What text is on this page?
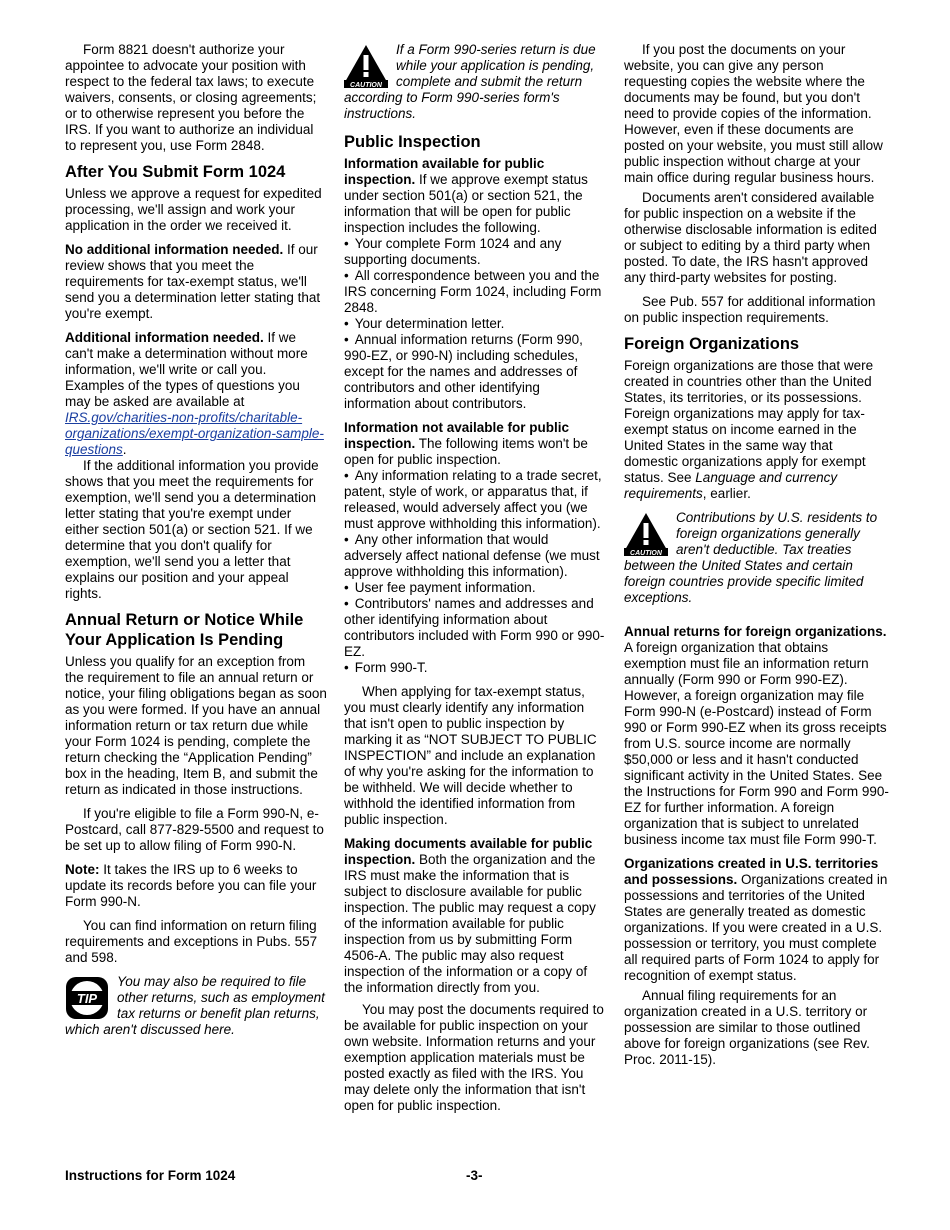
Form 8821 doesn't authorize your appointee to advocate your position with respect to the federal tax laws; to execute waivers, consents, or closing agreements; or to otherwise represent you before the IRS. If you want to authorize an individual to represent you, use Form 2848.

After You Submit Form 1024

Unless we approve a request for expedited processing, we'll assign and work your application in the order we received it.

No additional information needed. If our review shows that you meet the requirements for tax-exempt status, we'll send you a determination letter stating that you're exempt.

Additional information needed. If we can't make a determination without more information, we'll write or call you. Examples of the types of questions you may be asked are available at IRS.gov/charities-non-profits/charitable-organizations/exempt-organization-sample-questions.

If the additional information you provide shows that you meet the requirements for exemption, we'll send you a determination letter stating that you're exempt under either section 501(a) or section 521. If we determine that you don't qualify for exemption, we'll send you a letter that explains our position and your appeal rights.

Annual Return or Notice While Your Application Is Pending

Unless you qualify for an exception from the requirement to file an annual return or notice, your filing obligations began as soon as you were formed. If you have an annual information return or tax return due while your Form 1024 is pending, complete the return checking the “Application Pending” box in the heading, Item B, and submit the return as indicated in those instructions.

If you're eligible to file a Form 990-N, e-Postcard, call 877-829-5500 and request to be set up to allow filing of Form 990-N.

Note: It takes the IRS up to 6 weeks to update its records before you can file your Form 990-N.

You can find information on return filing requirements and exceptions in Pubs. 557 and 598.

TIP
You may also be required to file other returns, such as employment tax returns or benefit plan returns, which aren't discussed here.
CAUTION
If a Form 990-series return is due while your application is pending, complete and submit the return according to Form 990-series form's instructions.
Public Inspection

Information available for public inspection. If we approve exempt status under section 501(a) or section 521, the information that will be open for public inspection includes the following.

• Your complete Form 1024 and any supporting documents.
• All correspondence between you and the IRS concerning Form 1024, including Form 2848.
• Your determination letter.
• Annual information returns (Form 990, 990-EZ, or 990-N) including schedules, except for the names and addresses of contributors and other identifying information about contributors.

Information not available for public inspection. The following items won't be open for public inspection.

• Any information relating to a trade secret, patent, style of work, or apparatus that, if released, would adversely affect you (we must approve withholding this information).
• Any other information that would adversely affect national defense (we must approve withholding this information).
• User fee payment information.
• Contributors' names and addresses and other identifying information about contributors included with Form 990 or 990-EZ.
• Form 990-T.

When applying for tax-exempt status, you must clearly identify any information that isn't open to public inspection by marking it as “NOT SUBJECT TO PUBLIC INSPECTION” and include an explanation of why you're asking for the information to be withheld. We will decide whether to withhold the identified information from public inspection.

Making documents available for public inspection. Both the organization and the IRS must make the information that is subject to disclosure available for public inspection. The public may request a copy of the information available for public inspection from us by submitting Form 4506-A. The public may also request inspection of the information or a copy of the information directly from you.

You may post the documents required to be available for public inspection on your own website. Information returns and your exemption application materials must be posted exactly as filed with the IRS. You may delete only the information that isn't open for public inspection.

If you post the documents on your website, you can give any person requesting copies the website where the documents may be found, but you don't need to provide copies of the information. However, even if these documents are posted on your website, you must still allow public inspection without charge at your main office during regular business hours.

Documents aren't considered available for public inspection on a website if the otherwise disclosable information is edited or subject to editing by a third party when posted. To date, the IRS hasn't approved any third-party websites for posting.

See Pub. 557 for additional information on public inspection requirements.

Foreign Organizations

Foreign organizations are those that were created in countries other than the United States, its territories, or its possessions. Foreign organizations may apply for tax-exempt status on income earned in the United States in the same way that domestic organizations apply for exempt status. See Language and currency requirements, earlier.

CAUTION
Contributions by U.S. residents to foreign organizations generally aren't deductible. Tax treaties between the United States and certain foreign countries provide specific limited exceptions.

Annual returns for foreign organizations. A foreign organization that obtains exemption must file an information return annually (Form 990 or Form 990-EZ). However, a foreign organization may file Form 990-N (e-Postcard) instead of Form 990 or Form 990-EZ when its gross receipts from U.S. source income are normally $50,000 or less and it hasn't conducted significant activity in the United States. See the Instructions for Form 990 and Form 990-EZ for further information. A foreign organization that is subject to unrelated business income tax must file Form 990-T.

Organizations created in U.S. territories and possessions. Organizations created in possessions and territories of the United States are generally treated as domestic organizations. If you were created in a U.S. possession or territory, you must complete all required parts of Form 1024 to apply for recognition of exempt status.

Annual filing requirements for an organization created in a U.S. territory or possession are similar to those outlined above for foreign organizations (see Rev. Proc. 2011-15).

Instructions for Form 1024	-3-
